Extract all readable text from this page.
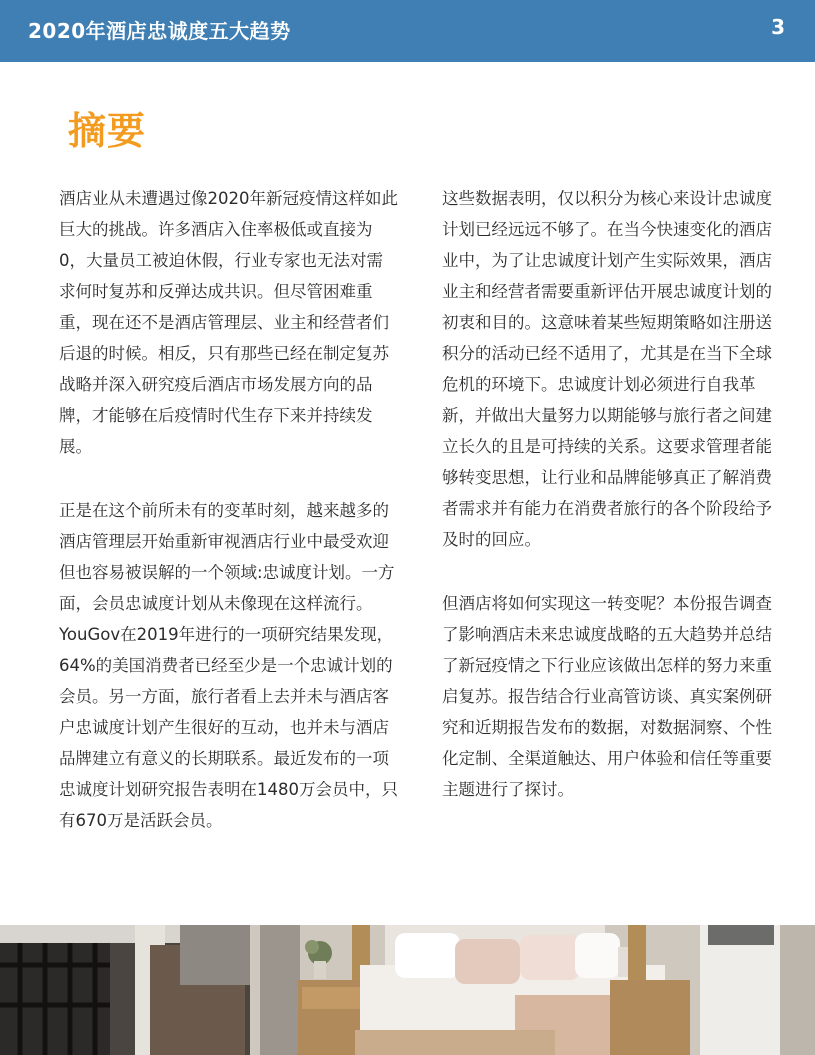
2020年酒店忠诚度五大趋势	3
摘要

酒店业从未遭遇过像2020年新冠疫情这样如此巨大的挑战。许多酒店入住率极低或直接为0，大量员工被迫休假，行业专家也无法对需求何时复苏和反弹达成共识。但尽管困难重重，现在还不是酒店管理层、业主和经营者们后退的时候。相反，只有那些已经在制定复苏战略并深入研究疫后酒店市场发展方向的品牌，才能够在后疫情时代生存下来并持续发展。

正是在这个前所未有的变革时刻，越来越多的酒店管理层开始重新审视酒店行业中最受欢迎但也容易被误解的一个领域:忠诚度计划。一方面，会员忠诚度计划从未像现在这样流行。YouGov在2019年进行的一项研究结果发现，64%的美国消费者已经至少是一个忠诚计划的会员。另一方面，旅行者看上去并未与酒店客户忠诚度计划产生很好的互动，也并未与酒店品牌建立有意义的长期联系。最近发布的一项忠诚度计划研究报告表明在1480万会员中，只有670万是活跃会员。

这些数据表明，仅以积分为核心来设计忠诚度计划已经远远不够了。在当今快速变化的酒店业中，为了让忠诚度计划产生实际效果，酒店业主和经营者需要重新评估开展忠诚度计划的初衷和目的。这意味着某些短期策略如注册送积分的活动已经不适用了，尤其是在当下全球危机的环境下。忠诚度计划必须进行自我革新，并做出大量努力以期能够与旅行者之间建立长久的且是可持续的关系。这要求管理者能够转变思想，让行业和品牌能够真正了解消费者需求并有能力在消费者旅行的各个阶段给予及时的回应。

但酒店将如何实现这一转变呢？本份报告调查了影响酒店未来忠诚度战略的五大趋势并总结了新冠疫情之下行业应该做出怎样的努力来重启复苏。报告结合行业高管访谈、真实案例研究和近期报告发布的数据，对数据洞察、个性化定制、全渠道触达、用户体验和信任等重要主题进行了探讨。
